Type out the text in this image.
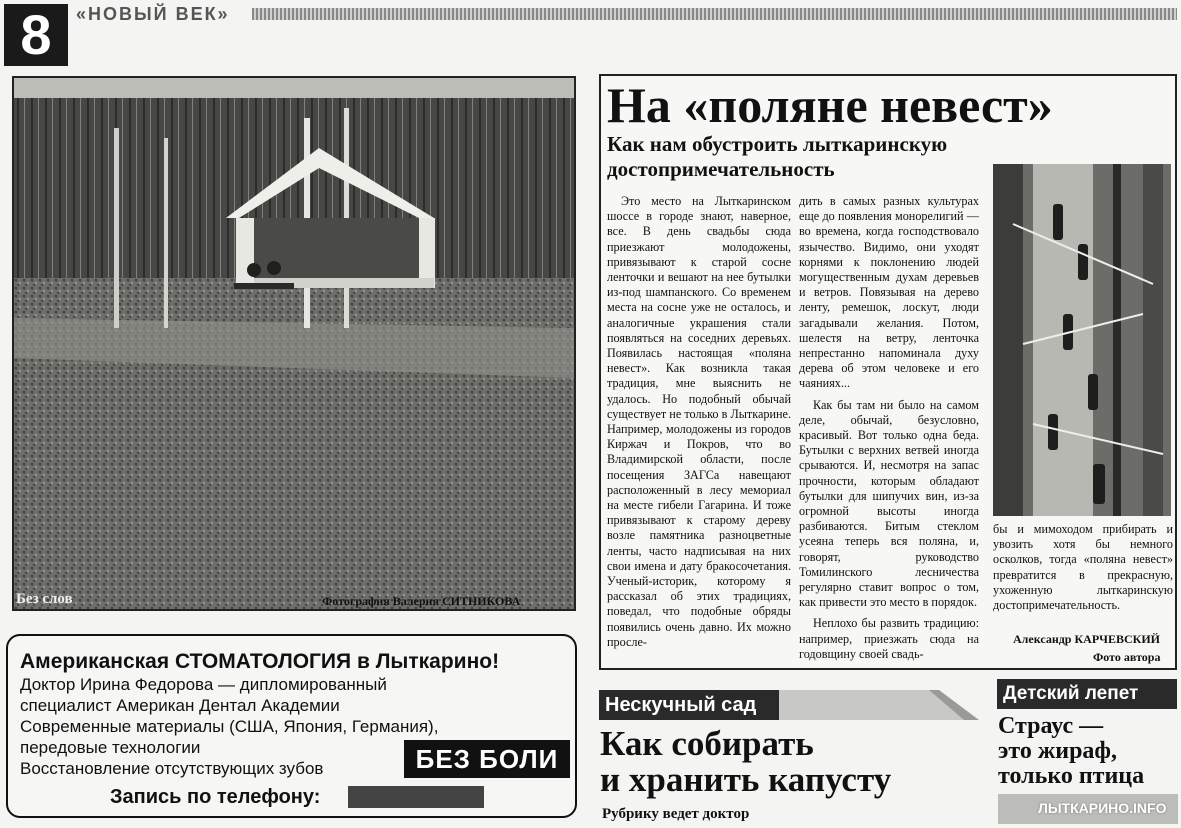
8	«НОВЫЙ ВЕК»
Без слов	Фотография Валерия СИТНИКОВА
Американская СТОМАТОЛОГИЯ в Лыткарино!
Доктор Ирина Федорова — дипломированный
специалист Американ Дентал Академии
Современные материалы (США, Япония, Германия),
передовые технологии
Восстановление отсутствующих зубов	БЕЗ БОЛИ
Запись по телефону:
На «поляне невест»
Как нам обустроить лыткаринскую достопримечательность

Это место на Лыткаринском шоссе в городе знают, наверное, все. В день свадьбы сюда приезжают молодожены, привязывают к старой сосне ленточки и вешают на нее бутылки из-под шампанского. Со временем места на сосне уже не осталось, и аналогичные украшения стали появляться на соседних деревьях. Появилась настоящая «поляна невест». Как возникла такая традиция, мне выяснить не удалось. Но подобный обычай существует не только в Лыткарине. Например, молодожены из городов Киржач и Покров, что во Владимирской области, после посещения ЗАГСа навещают расположенный в лесу мемориал на месте гибели Гагарина. И тоже привязывают к старому дереву возле памятника разноцветные ленты, часто надписывая на них свои имена и дату бракосочетания. Ученый-историк, которому я рассказал об этих традициях, поведал, что подобные обряды появились очень давно. Их можно просле-

дить в самых разных культурах еще до появления монорелигий — во времена, когда господствовало язычество. Видимо, они уходят корнями к поклонению людей могущественным духам деревьев и ветров. Повязывая на дерево ленту, ремешок, лоскут, люди загадывали желания. Потом, шелестя на ветру, ленточка непрестанно напоминала духу дерева об этом человеке и его чаяниях...

Как бы там ни было на самом деле, обычай, безусловно, красивый. Вот только одна беда. Бутылки с верхних ветвей иногда срываются. И, несмотря на запас прочности, которым обладают бутылки для шипучих вин, из-за огромной высоты иногда разбиваются. Битым стеклом усеяна теперь вся поляна, и, говорят, руководство Томилинского лесничества регулярно ставит вопрос о том, как привести это место в порядок.

Неплохо бы развить традицию: например, приезжать сюда на годовщину своей свадь-

бы и мимоходом прибирать и увозить хотя бы немного осколков, тогда «поляна невест» превратится в прекрасную, ухоженную лыткаринскую достопримечательность.

Александр КАРЧЕВСКИЙ
Фото автора
Нескучный сад
Как собирать
и хранить капусту
Рубрику ведет доктор
Детский лепет
Страус —
это жираф,
только птица
ЛЫТКАРИНО.INFO
